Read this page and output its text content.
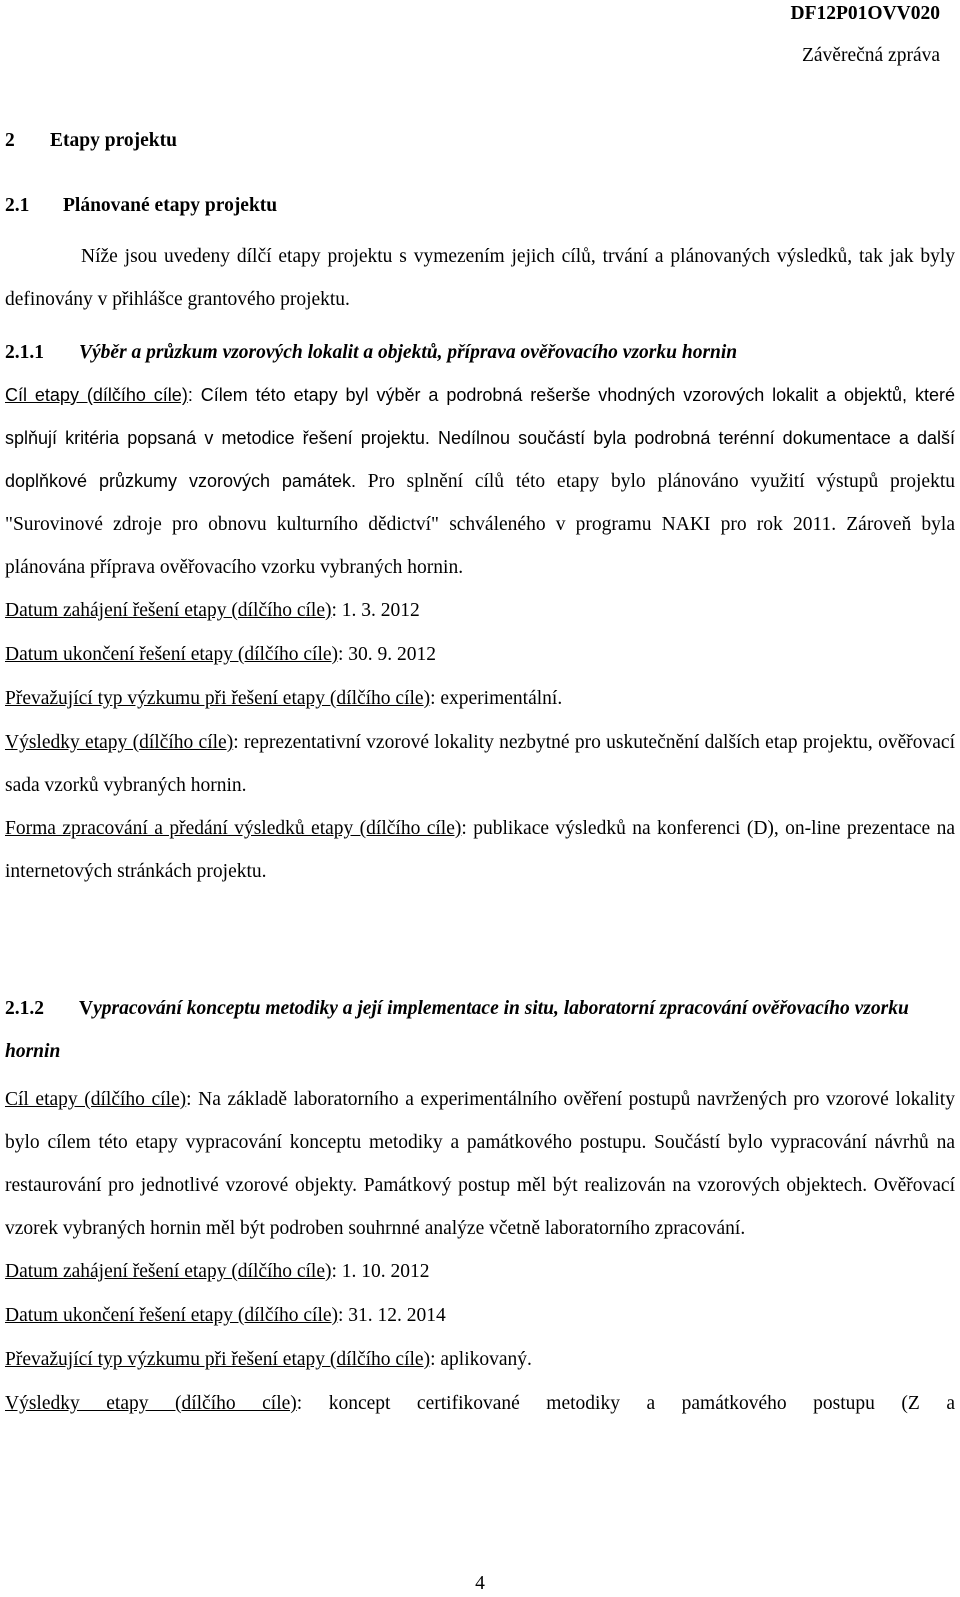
DF12P01OVV020
Závěrečná zpráva
2 Etapy projektu
2.1 Plánované etapy projektu

Níže jsou uvedeny dílčí etapy projektu s vymezením jejich cílů, trvání a plánovaných výsledků, tak jak byly definovány v přihlášce grantového projektu.

2.1.1 Výběr a průzkum vzorových lokalit a objektů, příprava ověřovacího vzorku hornin

Cíl etapy (dílčího cíle): Cílem této etapy byl výběr a podrobná rešerše vhodných vzorových lokalit a objektů, které splňují kritéria popsaná v metodice řešení projektu. Nedílnou součástí byla podrobná terénní dokumentace a další doplňkové průzkumy vzorových památek. Pro splnění cílů této etapy bylo plánováno využití výstupů projektu "Surovinové zdroje pro obnovu kulturního dědictví" schváleného v programu NAKI pro rok 2011. Zároveň byla plánována příprava ověřovacího vzorku vybraných hornin.

Datum zahájení řešení etapy (dílčího cíle): 1. 3. 2012

Datum ukončení řešení etapy (dílčího cíle): 30. 9. 2012

Převažující typ výzkumu při řešení etapy (dílčího cíle): experimentální.

Výsledky etapy (dílčího cíle): reprezentativní vzorové lokality nezbytné pro uskutečnění dalších etap projektu, ověřovací sada vzorků vybraných hornin.

Forma zpracování a předání výsledků etapy (dílčího cíle): publikace výsledků na konferenci (D), on-line prezentace na internetových stránkách projektu.

2.1.2 Vypracování konceptu metodiky a její implementace in situ, laboratorní zpracování ověřovacího vzorku hornin

Cíl etapy (dílčího cíle): Na základě laboratorního a experimentálního ověření postupů navržených pro vzorové lokality bylo cílem této etapy vypracování konceptu metodiky a památkového postupu. Součástí bylo vypracování návrhů na restaurování pro jednotlivé vzorové objekty. Památkový postup měl být realizován na vzorových objektech. Ověřovací vzorek vybraných hornin měl být podroben souhrnné analýze včetně laboratorního zpracování.

Datum zahájení řešení etapy (dílčího cíle): 1. 10. 2012

Datum ukončení řešení etapy (dílčího cíle): 31. 12. 2014

Převažující typ výzkumu při řešení etapy (dílčího cíle): aplikovaný.

Výsledky etapy (dílčího cíle): koncept certifikované metodiky a památkového postupu (Z a

4
